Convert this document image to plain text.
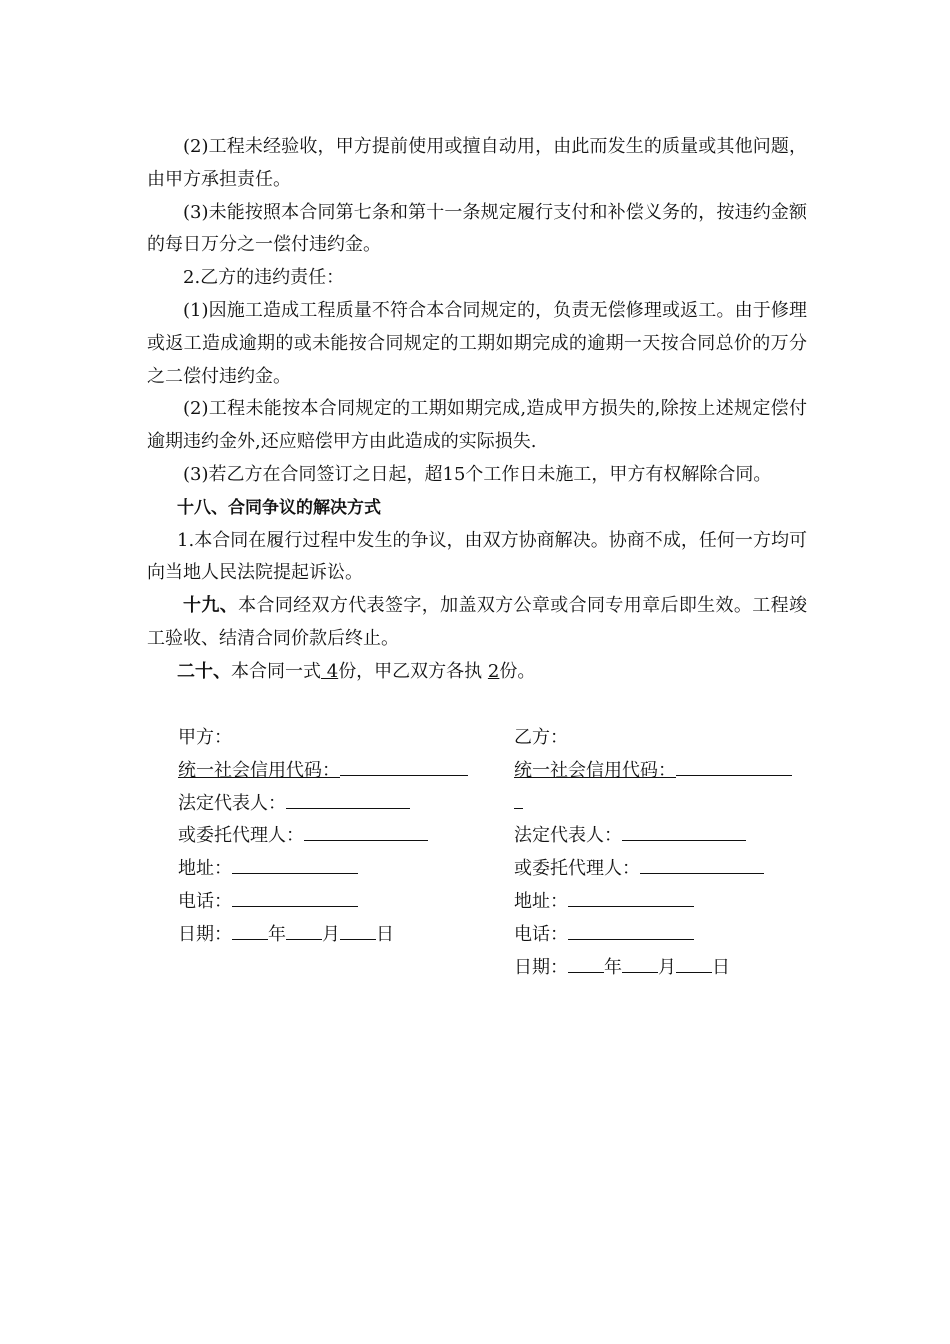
(2)工程未经验收，甲方提前使用或擅自动用，由此而发生的质量或其他问题，由甲方承担责任。

(3)未能按照本合同第七条和第十一条规定履行支付和补偿义务的，按违约金额的每日万分之一偿付违约金。

2.乙方的违约责任：

(1)因施工造成工程质量不符合本合同规定的，负责无偿修理或返工。由于修理或返工造成逾期的或未能按合同规定的工期如期完成的逾期一天按合同总价的万分之二偿付违约金。

(2)工程未能按本合同规定的工期如期完成,造成甲方损失的,除按上述规定偿付逾期违约金外,还应赔偿甲方由此造成的实际损失.

(3)若乙方在合同签订之日起，超15个工作日未施工，甲方有权解除合同。

十八、合同争议的解决方式

1.本合同在履行过程中发生的争议，由双方协商解决。协商不成，任何一方均可向当地人民法院提起诉讼。

十九、本合同经双方代表签字，加盖双方公章或合同专用章后即生效。工程竣工验收、结清合同价款后终止。

二十、本合同一式 4份，甲乙双方各执 2份。

甲方：
统一社会信用代码：
法定代表人：
或委托代理人：
地址：
电话：
日期： 年 月 日
乙方：
统一社会信用代码：
法定代表人：
或委托代理人：
地址：
电话：
日期： 年 月 日
